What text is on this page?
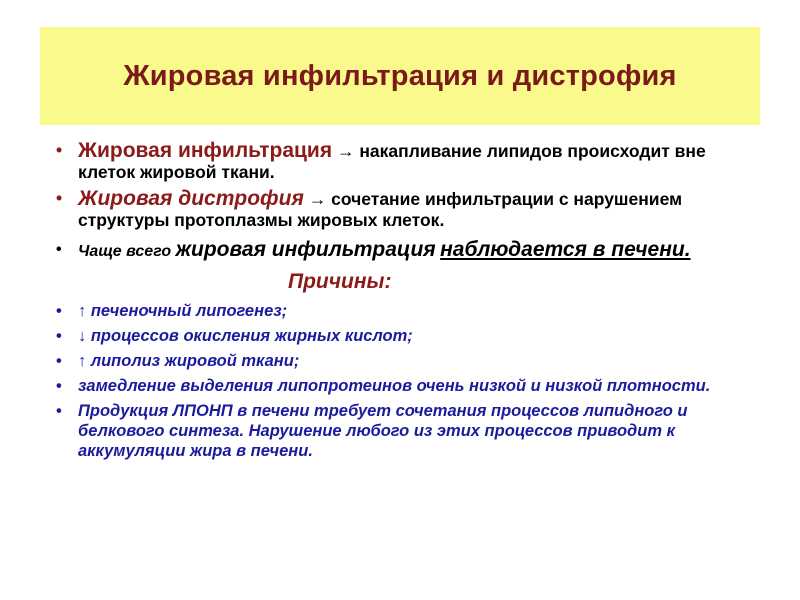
Жировая инфильтрация и дистрофия
• Жировая инфильтрация → накапливание липидов происходит вне клеток жировой ткани.
• Жировая дистрофия → сочетание инфильтрации с нарушением структуры протоплазмы жировых клеток.
• Чаще всего жировая инфильтрация наблюдается в печени.
Причины:
• ↑ печеночный липогенез;
• ↓ процессов окисления жирных кислот;
• ↑ липолиз жировой ткани;
• замедление выделения липопротеинов очень низкой и низкой плотности.
• Продукция ЛПОНП в печени требует сочетания процессов липидного и белкового синтеза. Нарушение любого из этих процессов приводит к аккумуляции жира в печени.
